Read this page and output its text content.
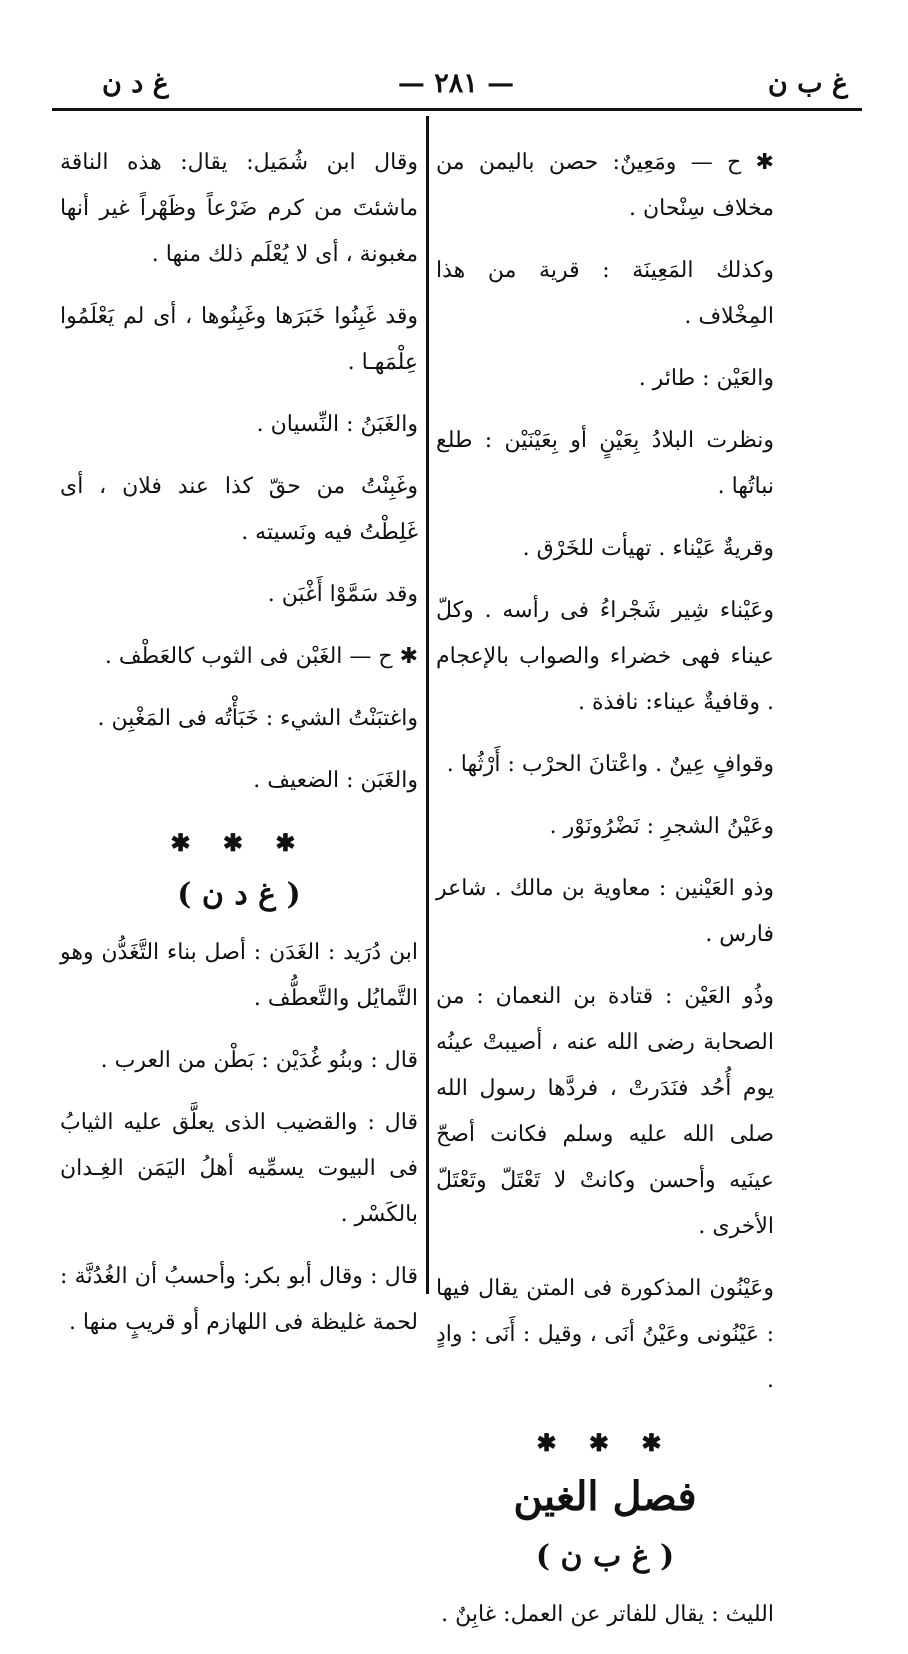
غ ب ن
— ٢٨١ —
غ د ن

✱ ح — ومَعِينٌ: حصن باليمن من مخلاف سِنْحان .

وكذلك المَعِينَة : قرية من هذا المِخْلاف .

والعَيْن : طائر .

ونظرت البلادُ بِعَيْنٍ أو بِعَيْنَيْن : طلع نباتُها .

وقريةٌ عَيْناء . تهيأت للخَرْق .

وعَيْناء شِير شَجْراءُ فى رأسه . وكلّ عيناء فهى خضراء والصواب بالإعجام . وقافيةٌ عيناء: نافذة .

وقوافٍ عِينٌ . واعْتانَ الحرْب : أَرْثُها .

وعَيْنُ الشجرِ : نَضْرُونَوْر .

وذو العَيْنين : معاوية بن مالك . شاعر فارس .

وذُو العَيْن : قتادة بن النعمان : من الصحابة رضى الله عنه ، أصيبتْ عينُه يوم أُحُد فنَدَرتْ ، فردَّها رسول الله صلى الله عليه وسلم فكانت أصحّ عينَيه وأحسن وكانتْ لا تَعْتَلّ وتَعْتَلّ الأخرى .

وعَيْنُون المذكورة فى المتن يقال فيها : عَيْنُونى وعَيْنُ أنَى ، وقيل : أَنَى : وادٍ .

✱ ✱ ✱
فصل الغين
( غ ب ن )

الليث : يقال للفاتر عن العمل: غابِنٌ .

وقال ابن شُمَيل: يقال: هذه الناقة ماشئتَ من كرم ضَرْعاً وظَهْراً غير أنها مغبونة ، أى لا يُعْلَم ذلك منها .

وقد غَبِنُوا خَبَرَها وغَبِنُوها ، أى لم يَعْلَمُوا عِلْمَهـا .

والغَبَنُ : النِّسيان .

وغَبِنْتُ من حقّ كذا عند فلان ، أى غَلِطْتُ فيه ونَسيته .

وقد سَمَّوْا أَغْبَن .

✱ ح — الغَبْن فى الثوب كالعَطْف .

واغتبَنْتُ الشيء : خَبَأْتُه فى المَغْبِن .

والغَبَن : الضعيف .

✱ ✱ ✱
( غ د ن )

ابن دُرَيد : الغَدَن : أصل بناء التَّغَدُّن وهو التَّمايُل والتَّعطُّف .

قال : وبنُو غُدَيْن : بَطْن من العرب .

قال : والقضيب الذى يعلَّق عليه الثيابُ فى البيوت يسمِّيه أهلُ اليَمَن الغِـدان بالكَسْر .

قال : وقال أبو بكر: وأحسبُ أن الغُدُنَّة : لحمة غليظة فى اللهازم أو قريبٍ منها .
